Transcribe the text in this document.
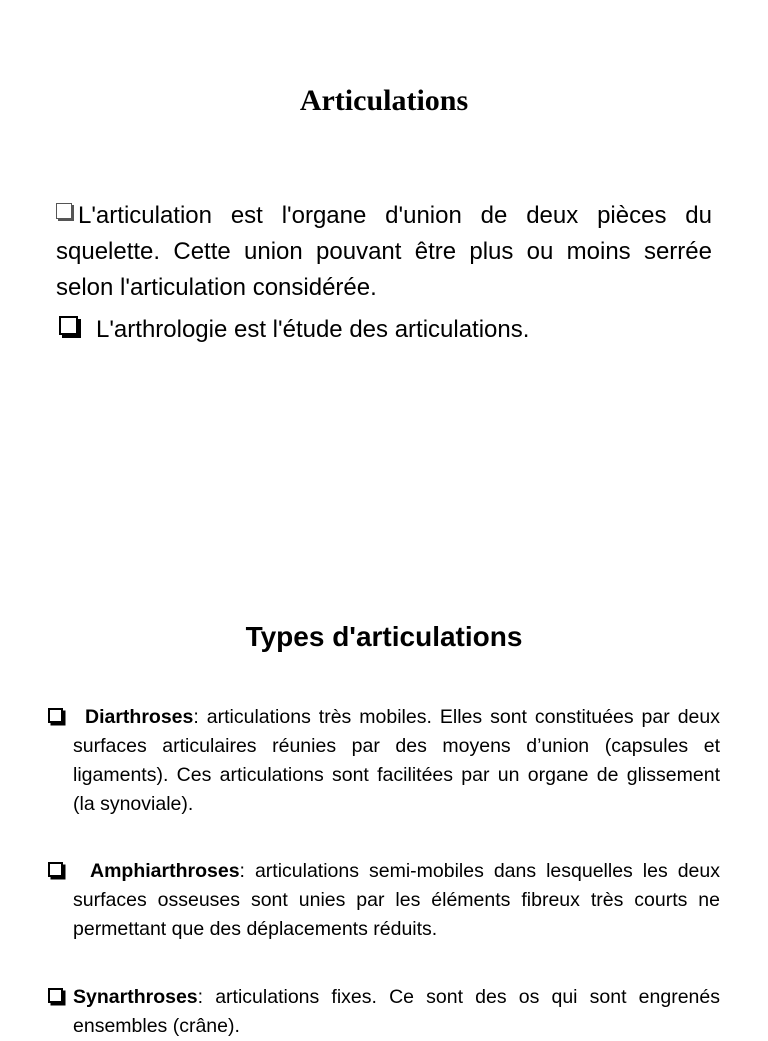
Articulations

L'articulation est l'organe d'union de deux pièces du squelette. Cette union pouvant être plus ou moins serrée selon l'articulation considérée.

L'arthrologie est l'étude des articulations.

Types d'articulations

Diarthroses: articulations très mobiles. Elles sont constituées par deux surfaces articulaires réunies par des moyens d’union (capsules et ligaments). Ces articulations sont facilitées par un organe de glissement (la synoviale).

Amphiarthroses: articulations semi-mobiles dans lesquelles les deux surfaces osseuses sont unies par les éléments fibreux très courts ne permettant que des déplacements réduits.

Synarthroses: articulations fixes. Ce sont des os qui sont engrenés ensembles (crâne).
